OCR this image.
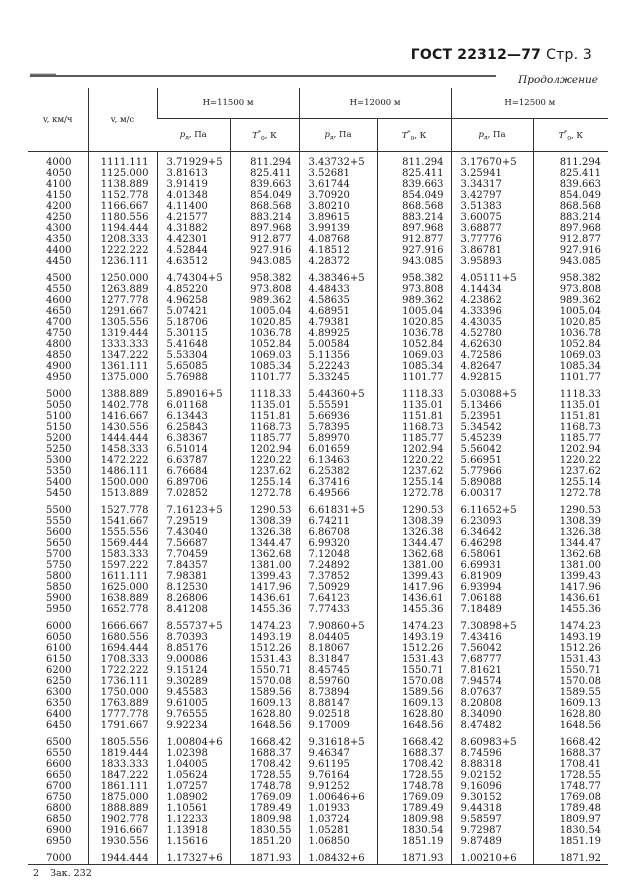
ГОСТ 22312—77 Стр. 3
Продолжение
v, км/ч	v, м/с	H=11500 м		H=12000 м		H=12500 м	
		$p_д$, Па	$T^*_0$, К	$p_д$, Па	$T^*_0$, К	$p_д$, Па	$T^*_0$, К
4000	1111.111	3.71929+5	811.294	3.43732+5	811.294	3.17670+5	811.294
4050	1125.000	3.81613	825.411	3.52681	825.411	3.25941	825.411
4100	1138.889	3.91419	839.663	3.61744	839.663	3.34317	839.663
4150	1152.778	4.01348	854.049	3.70920	854.049	3.42797	854.049
4200	1166.667	4.11400	868.568	3.80210	868.568	3.51383	868.568
4250	1180.556	4.21577	883.214	3.89615	883.214	3.60075	883.214
4300	1194.444	4.31882	897.968	3.99139	897.968	3.68877	897.968
4350	1208.333	4.42301	912.877	4.08768	912.877	3.77776	912.877
4400	1222.222	4.52844	927.916	4.18512	927.916	3.86781	927.916
4450	1236.111	4.63512	943.085	4.28372	943.085	3.95893	943.085

4500	1250.000	4.74304+5	958.382	4.38346+5	958.382	4.05111+5	958.382
4550	1263.889	4.85220	973.808	4.48433	973.808	4.14434	973.808
4600	1277.778	4.96258	989.362	4.58635	989.362	4.23862	989.362
4650	1291.667	5.07421	1005.04	4.68951	1005.04	4.33396	1005.04
4700	1305.556	5.18706	1020.85	4.79381	1020.85	4.43035	1020.85
4750	1319.444	5.30115	1036.78	4.89925	1036.78	4.52780	1036.78
4800	1333.333	5.41648	1052.84	5.00584	1052.84	4.62630	1052.84
4850	1347.222	5.53304	1069.03	5.11356	1069.03	4.72586	1069.03
4900	1361.111	5.65085	1085.34	5.22243	1085.34	4.82647	1085.34
4950	1375.000	5.76988	1101.77	5.33245	1101.77	4.92815	1101.77

5000	1388.889	5.89016+5	1118.33	5.44360+5	1118.33	5.03088+5	1118.33
5050	1402.778	6.01168	1135.01	5.55591	1135.01	5.13466	1135.01
5100	1416.667	6.13443	1151.81	5.66936	1151.81	5.23951	1151.81
5150	1430.556	6.25843	1168.73	5.78395	1168.73	5.34542	1168.73
5200	1444.444	6.38367	1185.77	5.89970	1185.77	5.45239	1185.77
5250	1458.333	6.51014	1202.94	6.01659	1202.94	5.56042	1202.94
5300	1472.222	6.63787	1220.22	6.13463	1220.22	5.66951	1220.22
5350	1486.111	6.76684	1237.62	6.25382	1237.62	5.77966	1237.62
5400	1500.000	6.89706	1255.14	6.37416	1255.14	5.89088	1255.14
5450	1513.889	7.02852	1272.78	6.49566	1272.78	6.00317	1272.78

5500	1527.778	7.16123+5	1290.53	6.61831+5	1290.53	6.11652+5	1290.53
5550	1541.667	7.29519	1308.39	6.74211	1308.39	6.23093	1308.39
5600	1555.556	7.43040	1326.38	6.86708	1326.38	6.34642	1326.38
5650	1569.444	7.56687	1344.47	6.99320	1344.47	6.46298	1344.47
5700	1583.333	7.70459	1362.68	7.12048	1362.68	6.58061	1362.68
5750	1597.222	7.84357	1381.00	7.24892	1381.00	6.69931	1381.00
5800	1611.111	7.98381	1399.43	7.37852	1399.43	6.81909	1399.43
5850	1625.000	8.12530	1417.96	7.50929	1417.96	6.93994	1417.96
5900	1638.889	8.26806	1436.61	7.64123	1436.61	7.06188	1436.61
5950	1652.778	8.41208	1455.36	7.77433	1455.36	7.18489	1455.36

6000	1666.667	8.55737+5	1474.23	7.90860+5	1474.23	7.30898+5	1474.23
6050	1680.556	8.70393	1493.19	8.04405	1493.19	7.43416	1493.19
6100	1694.444	8.85176	1512.26	8.18067	1512.26	7.56042	1512.26
6150	1708.333	9.00086	1531.43	8.31847	1531.43	7.68777	1531.43
6200	1722.222	9.15124	1550.71	8.45745	1550.71	7.81621	1550.71
6250	1736.111	9.30289	1570.08	8.59760	1570.08	7.94574	1570.08
6300	1750.000	9.45583	1589.56	8.73894	1589.56	8.07637	1589.55
6350	1763.889	9.61005	1609.13	8.88147	1609.13	8.20808	1609.13
6400	1777.778	9.76555	1628.80	9.02518	1628.80	8.34090	1628.80
6450	1791.667	9.92234	1648.56	9.17009	1648.56	8.47482	1648.56

6500	1805.556	1.00804+6	1668.42	9.31618+5	1668.42	8.60983+5	1668.42
6550	1819.444	1.02398	1688.37	9.46347	1688.37	8.74596	1688.37
6600	1833.333	1.04005	1708.42	9.61195	1708.42	8.88318	1708.41
6650	1847.222	1.05624	1728.55	9.76164	1728.55	9.02152	1728.55
6700	1861.111	1.07257	1748.78	9.91252	1748.78	9.16096	1748.77
6750	1875.000	1.08902	1769.09	1.00646+6	1769.09	9.30152	1769.08
6800	1888.889	1.10561	1789.49	1.01933	1789.49	9.44318	1789.48
6850	1902.778	1.12233	1809.98	1.03724	1809.98	9.58597	1809.97
6900	1916.667	1.13918	1830.55	1.05281	1830.54	9.72987	1830.54
6950	1930.556	1.15616	1851.20	1.06850	1851.19	9.87489	1851.19

7000	1944.444	1.17327+6	1871.93	1.08432+6	1871.93	1.00210+6	1871.92
2 Зак. 232
